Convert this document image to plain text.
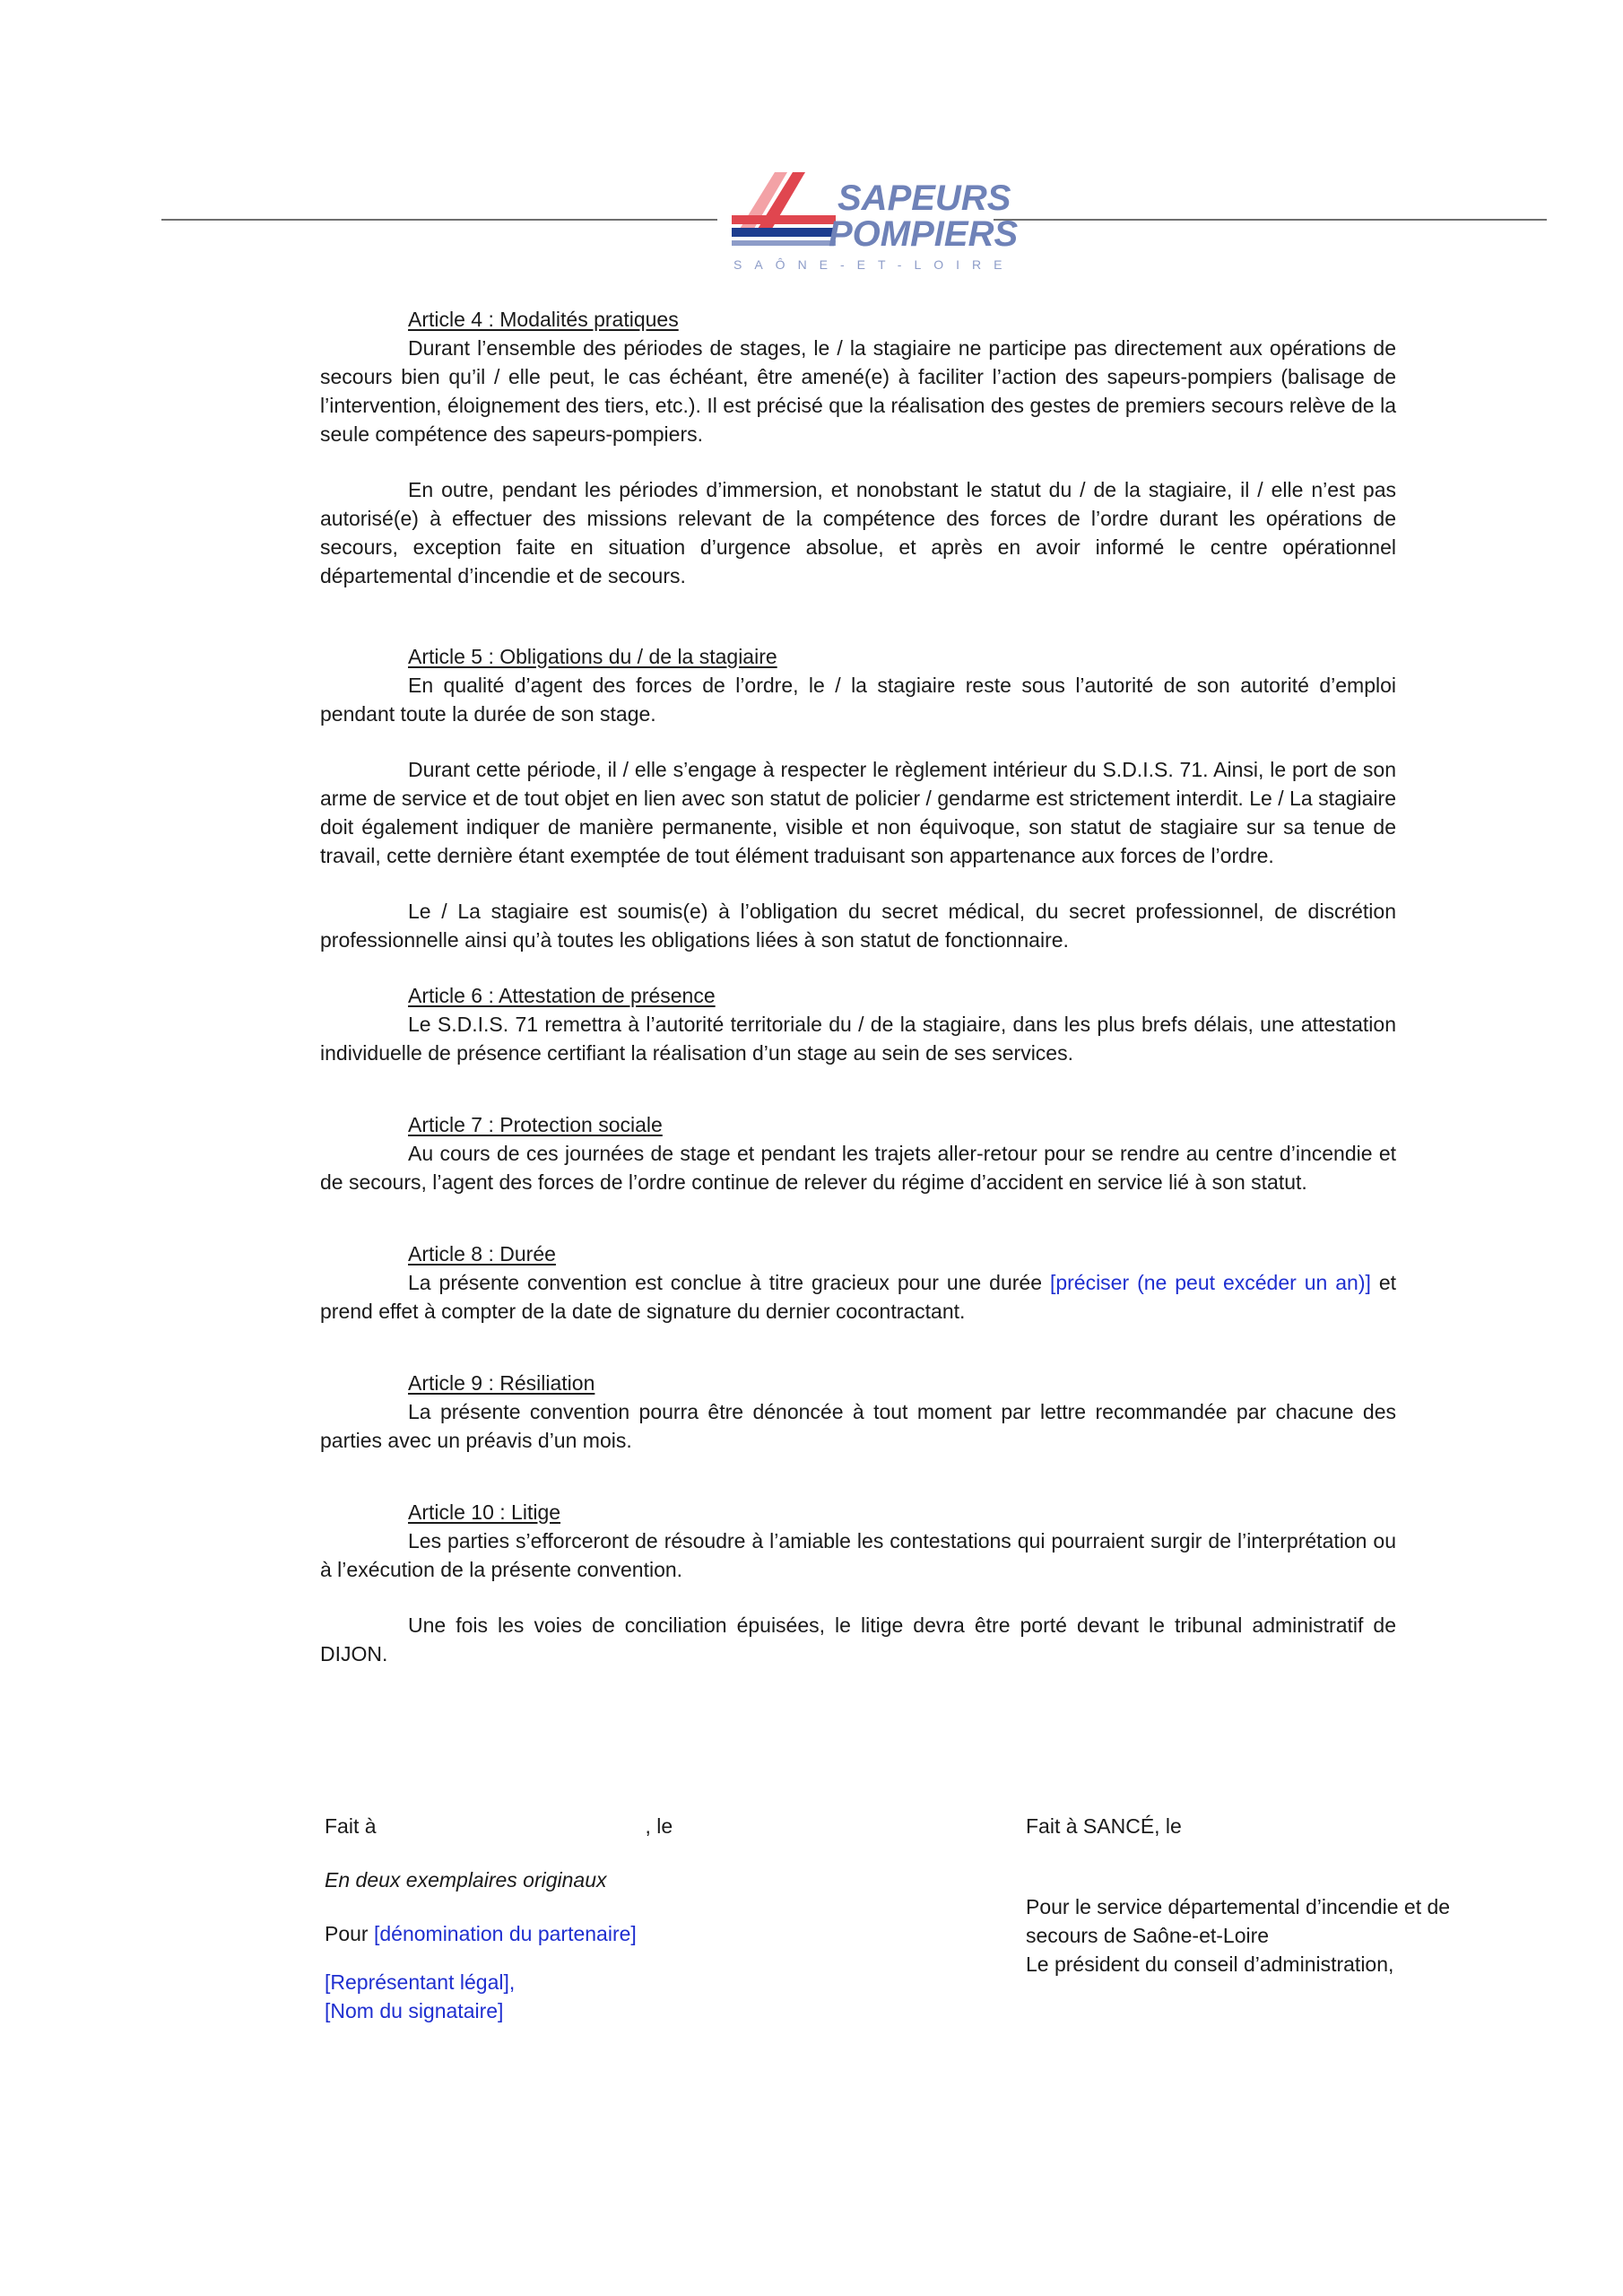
SAPEURS
POMPIERS
SAÔNE-ET-LOIRE
Article 4 : Modalités pratiques

Durant l’ensemble des périodes de stages, le / la stagiaire ne participe pas directement aux opérations de secours bien qu’il / elle peut, le cas échéant, être amené(e) à faciliter l’action des sapeurs-pompiers (balisage de l’intervention, éloignement des tiers, etc.). Il est précisé que la réalisation des gestes de premiers secours relève de la seule compétence des sapeurs-pompiers.

En outre, pendant les périodes d’immersion, et nonobstant le statut du / de la stagiaire, il / elle n’est pas autorisé(e) à effectuer des missions relevant de la compétence des forces de l’ordre durant les opérations de secours, exception faite en situation d’urgence absolue, et après en avoir informé le centre opérationnel départemental d’incendie et de secours.

Article 5 : Obligations du / de la stagiaire

En qualité d’agent des forces de l’ordre, le / la stagiaire reste sous l’autorité de son autorité d’emploi pendant toute la durée de son stage.

Durant cette période, il / elle s’engage à respecter le règlement intérieur du S.D.I.S. 71. Ainsi, le port de son arme de service et de tout objet en lien avec son statut de policier / gendarme est strictement interdit. Le / La stagiaire doit également indiquer de manière permanente, visible et non équivoque, son statut de stagiaire sur sa tenue de travail, cette dernière étant exemptée de tout élément traduisant son appartenance aux forces de l’ordre.

Le / La stagiaire est soumis(e) à l’obligation du secret médical, du secret professionnel, de discrétion professionnelle ainsi qu’à toutes les obligations liées à son statut de fonctionnaire.

Article 6 : Attestation de présence

Le S.D.I.S. 71 remettra à l’autorité territoriale du / de la stagiaire, dans les plus brefs délais, une attestation individuelle de présence certifiant la réalisation d’un stage au sein de ses services.

Article 7 : Protection sociale

Au cours de ces journées de stage et pendant les trajets aller-retour pour se rendre au centre d’incendie et de secours, l’agent des forces de l’ordre continue de relever du régime d’accident en service lié à son statut.

Article 8 : Durée

La présente convention est conclue à titre gracieux pour une durée [préciser (ne peut excéder un an)] et prend effet à compter de la date de signature du dernier cocontractant.

Article 9 : Résiliation

La présente convention pourra être dénoncée à tout moment par lettre recommandée par chacune des parties avec un préavis d’un mois.

Article 10 : Litige

Les parties s’efforceront de résoudre à l’amiable les contestations qui pourraient surgir de l’interprétation ou à l’exécution de la présente convention.

Une fois les voies de conciliation épuisées, le litige devra être porté devant le tribunal administratif de DIJON.

Fait à	, le
En deux exemplaires originaux
Pour [dénomination du partenaire]
[Représentant légal],
[Nom du signataire]
Fait à SANCÉ, le
Pour le service départemental d’incendie et de
secours de Saône-et-Loire
Le président du conseil d’administration,
